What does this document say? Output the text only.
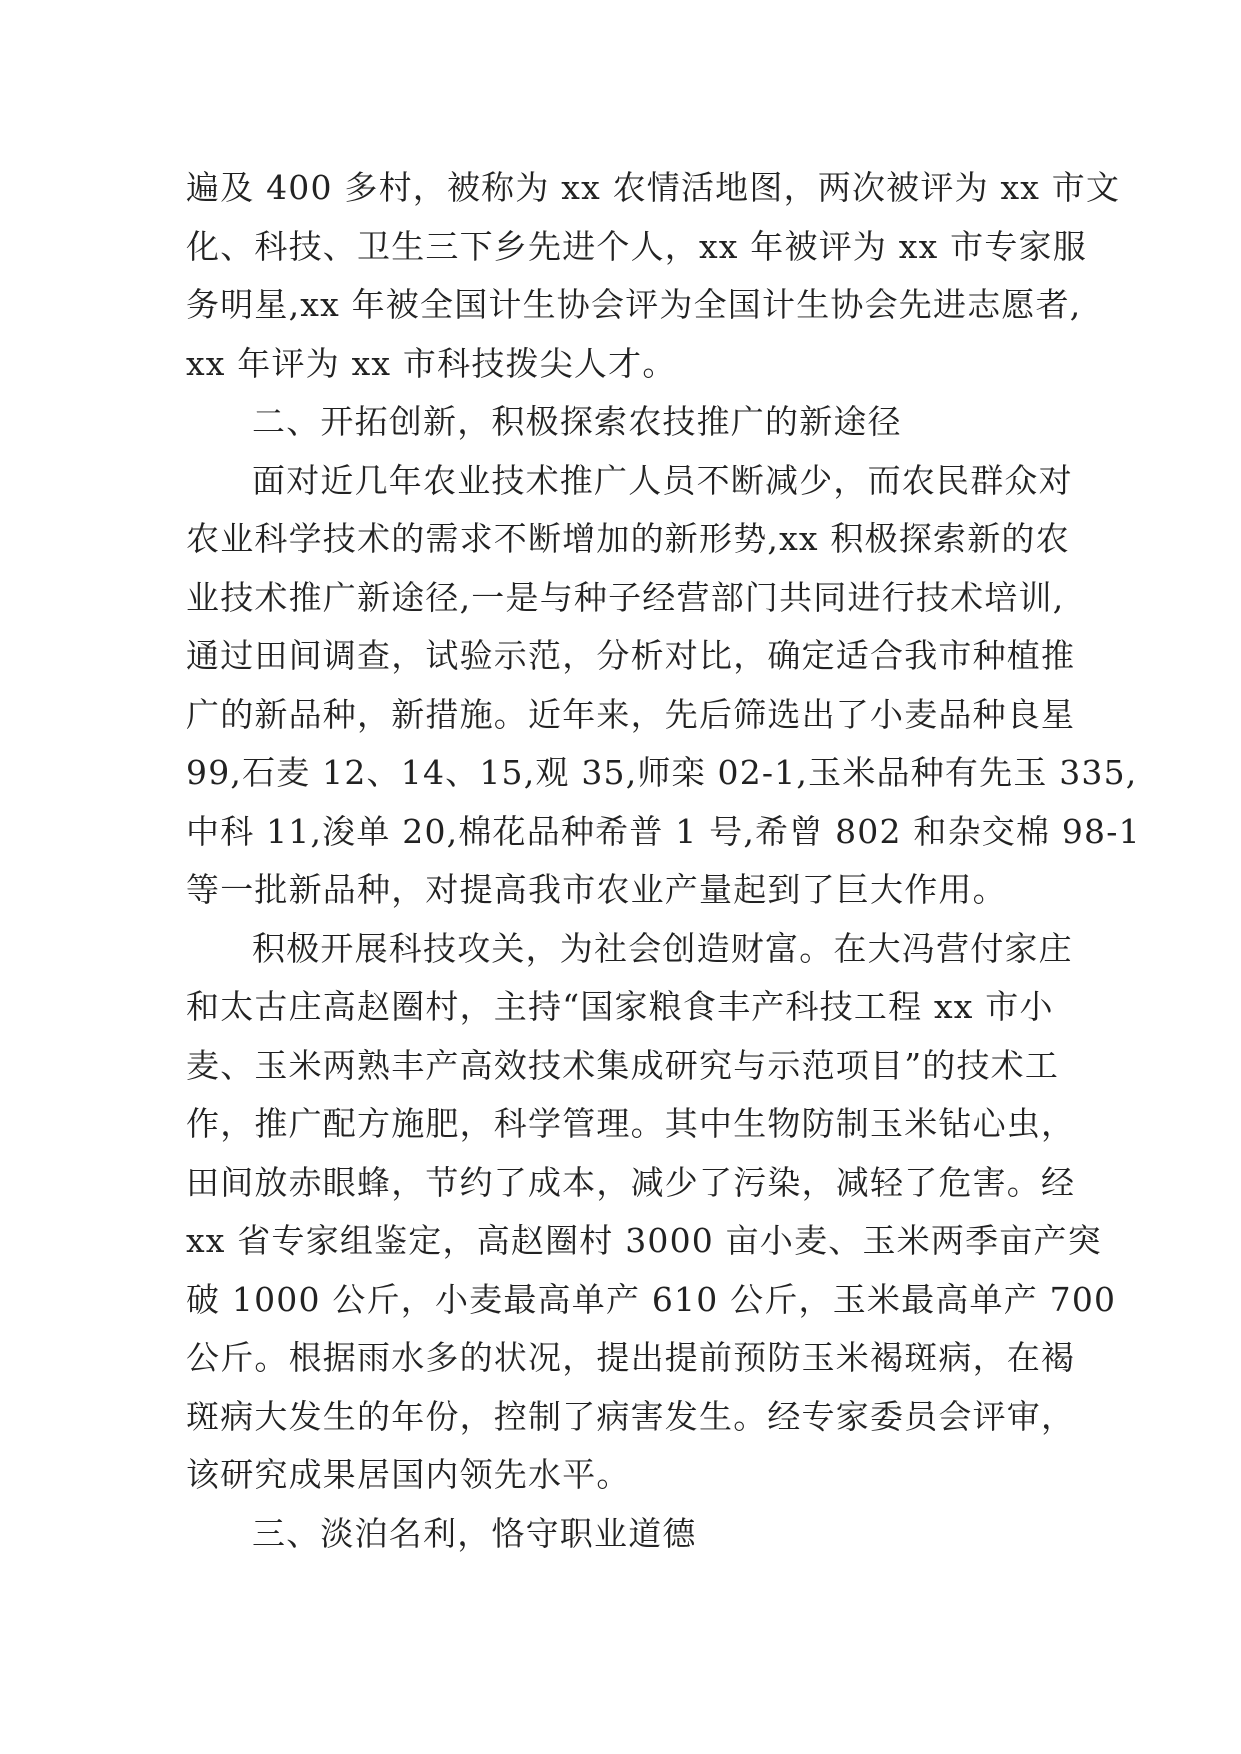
遍及 400 多村，被称为 xx 农情活地图，两次被评为 xx 市文
化、科技、卫生三下乡先进个人，xx 年被评为 xx 市专家服
务明星,xx 年被全国计生协会评为全国计生协会先进志愿者,
xx 年评为 xx 市科技拨尖人才。
二、开拓创新，积极探索农技推广的新途径
面对近几年农业技术推广人员不断减少，而农民群众对
农业科学技术的需求不断增加的新形势,xx 积极探索新的农
业技术推广新途径,一是与种子经营部门共同进行技术培训,
通过田间调查，试验示范，分析对比，确定适合我市种植推
广的新品种，新措施。近年来，先后筛选出了小麦品种良星
99,石麦 12、14、15,观 35,师栾 02-1,玉米品种有先玉 335,
中科 11,浚单 20,棉花品种希普 1 号,希曾 802 和杂交棉 98-1
等一批新品种，对提高我市农业产量起到了巨大作用。
积极开展科技攻关，为社会创造财富。在大冯营付家庄
和太古庄高赵圈村，主持“国家粮食丰产科技工程 xx 市小
麦、玉米两熟丰产高效技术集成研究与示范项目”的技术工
作，推广配方施肥，科学管理。其中生物防制玉米钻心虫，
田间放赤眼蜂，节约了成本，减少了污染，减轻了危害。经
xx 省专家组鉴定，高赵圈村 3000 亩小麦、玉米两季亩产突
破 1000 公斤，小麦最高单产 610 公斤，玉米最高单产 700
公斤。根据雨水多的状况，提出提前预防玉米褐斑病，在褐
斑病大发生的年份，控制了病害发生。经专家委员会评审，
该研究成果居国内领先水平。
三、淡泊名利，恪守职业道德
